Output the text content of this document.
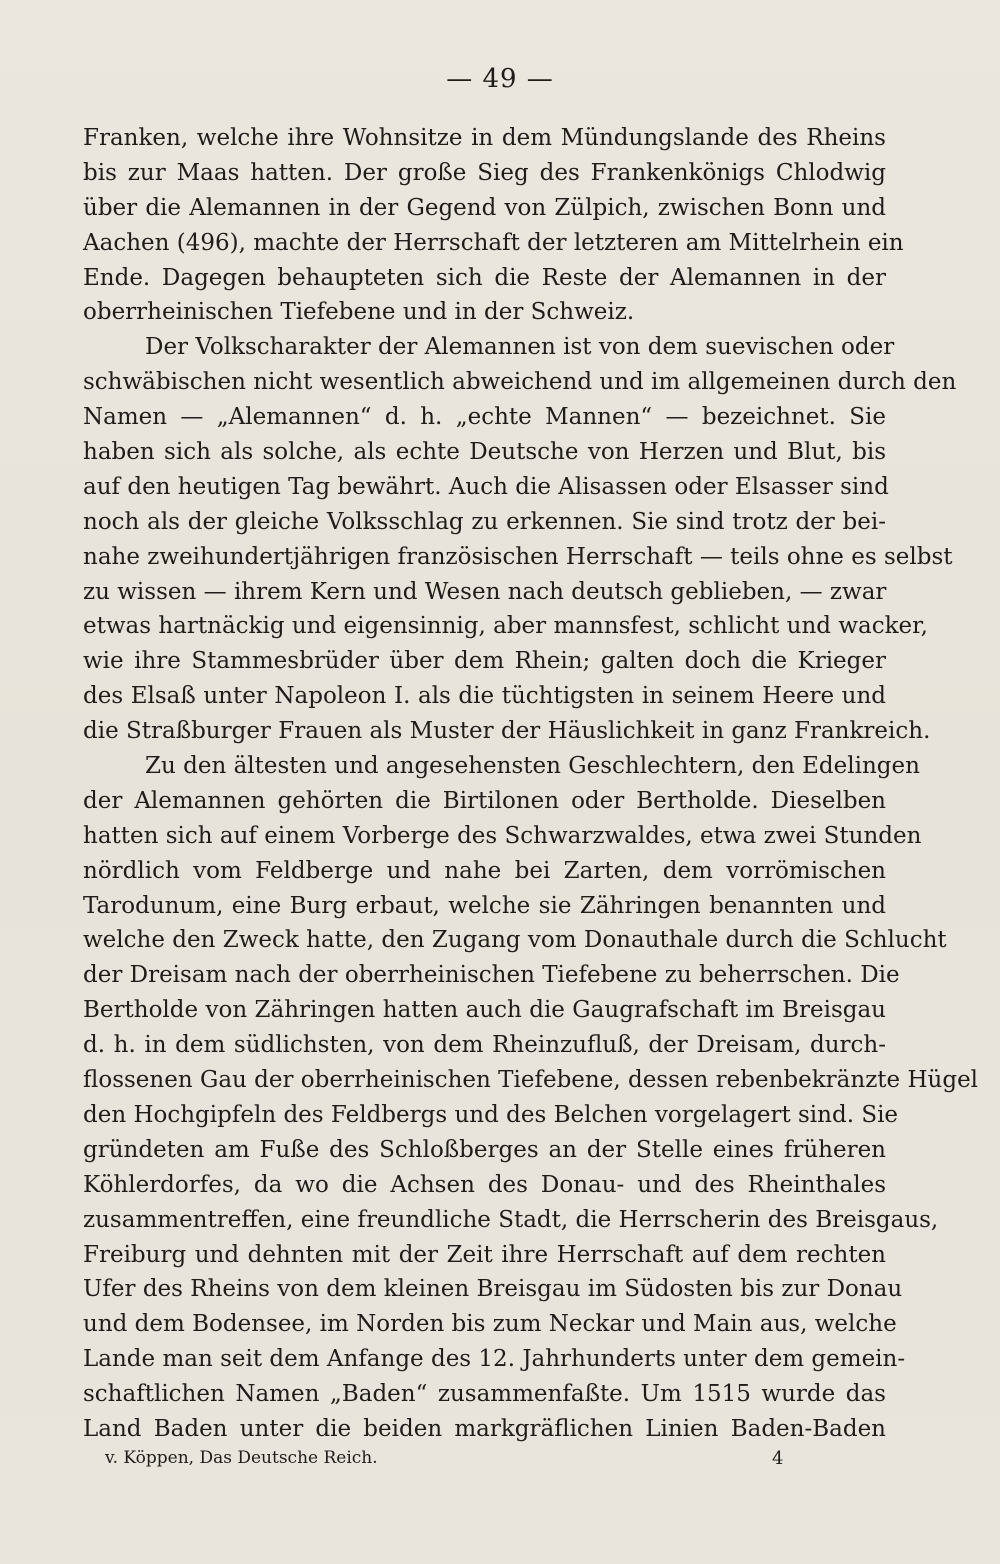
— 49 —

Franken, welche ihre Wohnsitze in dem Mündungslande des Rheins

bis zur Maas hatten. Der große Sieg des Frankenkönigs Chlodwig

über die Alemannen in der Gegend von Zülpich, zwischen Bonn und

Aachen (496), machte der Herrschaft der letzteren am Mittelrhein ein

Ende. Dagegen behaupteten sich die Reste der Alemannen in der

oberrheinischen Tiefebene und in der Schweiz.

Der Volkscharakter der Alemannen ist von dem suevischen oder

schwäbischen nicht wesentlich abweichend und im allgemeinen durch den

Namen — „Alemannen“ d. h. „echte Mannen“ — bezeichnet. Sie

haben sich als solche, als echte Deutsche von Herzen und Blut, bis

auf den heutigen Tag bewährt. Auch die Alisassen oder Elsasser sind

noch als der gleiche Volksschlag zu erkennen. Sie sind trotz der bei-

nahe zweihundertjährigen französischen Herrschaft — teils ohne es selbst

zu wissen — ihrem Kern und Wesen nach deutsch geblieben, — zwar

etwas hartnäckig und eigensinnig, aber mannsfest, schlicht und wacker,

wie ihre Stammesbrüder über dem Rhein; galten doch die Krieger

des Elsaß unter Napoleon I. als die tüchtigsten in seinem Heere und

die Straßburger Frauen als Muster der Häuslichkeit in ganz Frankreich.

Zu den ältesten und angesehensten Geschlechtern, den Edelingen

der Alemannen gehörten die Birtilonen oder Bertholde. Dieselben

hatten sich auf einem Vorberge des Schwarzwaldes, etwa zwei Stunden

nördlich vom Feldberge und nahe bei Zarten, dem vorrömischen

Tarodunum, eine Burg erbaut, welche sie Zähringen benannten und

welche den Zweck hatte, den Zugang vom Donauthale durch die Schlucht

der Dreisam nach der oberrheinischen Tiefebene zu beherrschen. Die

Bertholde von Zähringen hatten auch die Gaugrafschaft im Breisgau

d. h. in dem südlichsten, von dem Rheinzufluß, der Dreisam, durch-

flossenen Gau der oberrheinischen Tiefebene, dessen rebenbekränzte Hügel

den Hochgipfeln des Feldbergs und des Belchen vorgelagert sind. Sie

gründeten am Fuße des Schloßberges an der Stelle eines früheren

Köhlerdorfes, da wo die Achsen des Donau- und des Rheinthales

zusammentreffen, eine freundliche Stadt, die Herrscherin des Breisgaus,

Freiburg und dehnten mit der Zeit ihre Herrschaft auf dem rechten

Ufer des Rheins von dem kleinen Breisgau im Südosten bis zur Donau

und dem Bodensee, im Norden bis zum Neckar und Main aus, welche

Lande man seit dem Anfange des 12. Jahrhunderts unter dem gemein-

schaftlichen Namen „Baden“ zusammenfaßte. Um 1515 wurde das

Land Baden unter die beiden markgräflichen Linien Baden-Baden

v. Köppen, Das Deutsche Reich.	4
